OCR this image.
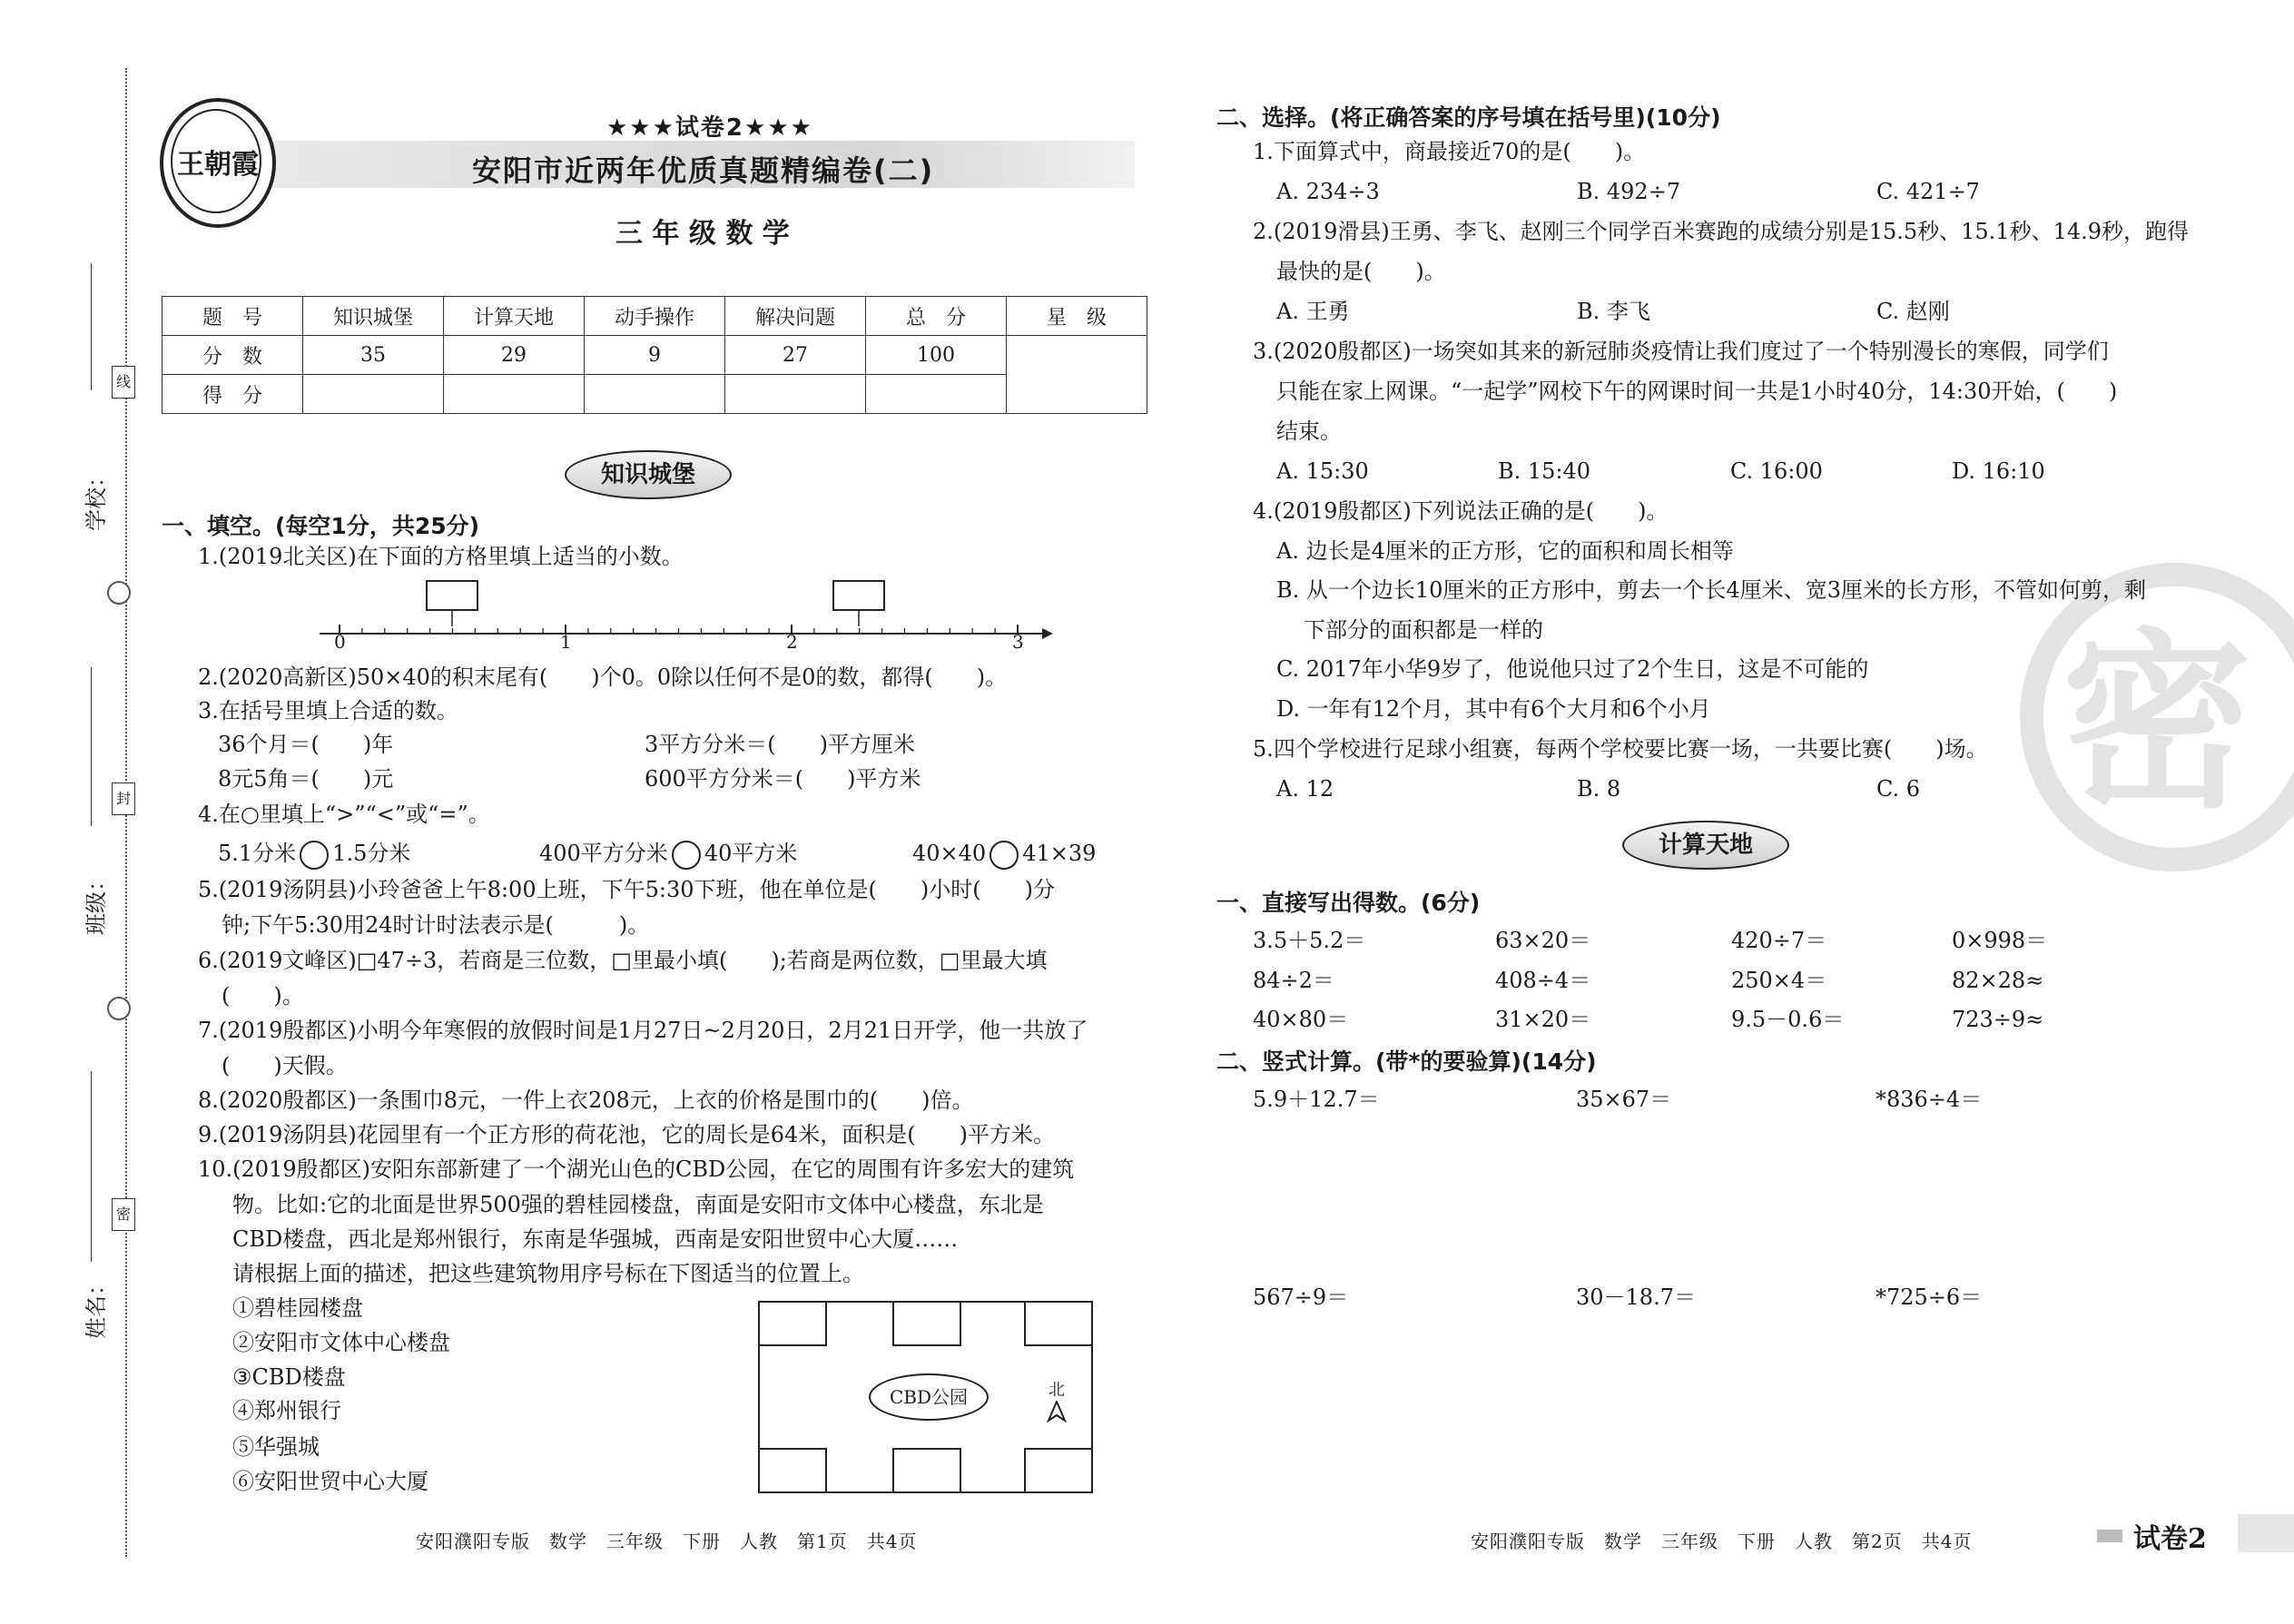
学校：
线
班级：
封
姓名：
密
王朝霞
★★★试卷2★★★
安阳市近两年优质真题精编卷(二)
三 年 级 数 学
题　号	知识城堡	计算天地	动手操作	解决问题	总　分	星　级
分　数	35	29	9	27	100	
得　分						
知识城堡
一、填空。(每空1分，共25分)
1.(2019北关区)在下面的方格里填上适当的小数。
0	1	2	3
2.(2020高新区)50×40的积末尾有(　　)个0。0除以任何不是0的数，都得(　　)。
3.在括号里填上合适的数。
36个月＝(　　)年	3平方分米＝(　　)平方厘米
8元5角＝(　　)元	600平方分米＝(　　)平方米
4.在○里填上“>”“<”或“=”。
5.1分米 1.5分米	400平方分米 40平方米	40×40 41×39
5.(2019汤阴县)小玲爸爸上午8:00上班，下午5:30下班，他在单位是(　　)小时(　　)分
钟;下午5:30用24时计时法表示是(　　　)。
6.(2019文峰区)□47÷3，若商是三位数，□里最小填(　　);若商是两位数，□里最大填
(　　)。
7.(2019殷都区)小明今年寒假的放假时间是1月27日~2月20日，2月21日开学，他一共放了
(　　)天假。
8.(2020殷都区)一条围巾8元，一件上衣208元，上衣的价格是围巾的(　　)倍。
9.(2019汤阴县)花园里有一个正方形的荷花池，它的周长是64米，面积是(　　)平方米。
10.(2019殷都区)安阳东部新建了一个湖光山色的CBD公园，在它的周围有许多宏大的建筑
物。比如:它的北面是世界500强的碧桂园楼盘，南面是安阳市文体中心楼盘，东北是
CBD楼盘，西北是郑州银行，东南是华强城，西南是安阳世贸中心大厦……
请根据上面的描述，把这些建筑物用序号标在下图适当的位置上。
①碧桂园楼盘
②安阳市文体中心楼盘
③CBD楼盘
④郑州银行
⑤华强城
⑥安阳世贸中心大厦
CBD公园	北
安阳濮阳专版　数学　三年级　下册　人教　第1页　共4页
密
二、选择。(将正确答案的序号填在括号里)(10分)
1.下面算式中，商最接近70的是(　　)。
A. 234÷3	B. 492÷7	C. 421÷7
2.(2019滑县)王勇、李飞、赵刚三个同学百米赛跑的成绩分别是15.5秒、15.1秒、14.9秒，跑得
最快的是(　　)。
A. 王勇	B. 李飞	C. 赵刚
3.(2020殷都区)一场突如其来的新冠肺炎疫情让我们度过了一个特别漫长的寒假，同学们
只能在家上网课。“一起学”网校下午的网课时间一共是1小时40分，14:30开始，(　　)
结束。
A. 15:30	B. 15:40	C. 16:00	D. 16:10
4.(2019殷都区)下列说法正确的是(　　)。
A. 边长是4厘米的正方形，它的面积和周长相等
B. 从一个边长10厘米的正方形中，剪去一个长4厘米、宽3厘米的长方形，不管如何剪，剩
下部分的面积都是一样的
C. 2017年小华9岁了，他说他只过了2个生日，这是不可能的
D. 一年有12个月，其中有6个大月和6个小月
5.四个学校进行足球小组赛，每两个学校要比赛一场，一共要比赛(　　)场。
A. 12	B. 8	C. 6
计算天地
一、直接写出得数。(6分)
3.5＋5.2＝	63×20＝	420÷7＝	0×998＝
84÷2＝	408÷4＝	250×4＝	82×28≈
40×80＝	31×20＝	9.5－0.6＝	723÷9≈
二、竖式计算。(带*的要验算)(14分)
5.9＋12.7＝	35×67＝	*836÷4＝
567÷9＝	30－18.7＝	*725÷6＝
安阳濮阳专版　数学　三年级　下册　人教　第2页　共4页	试卷2
